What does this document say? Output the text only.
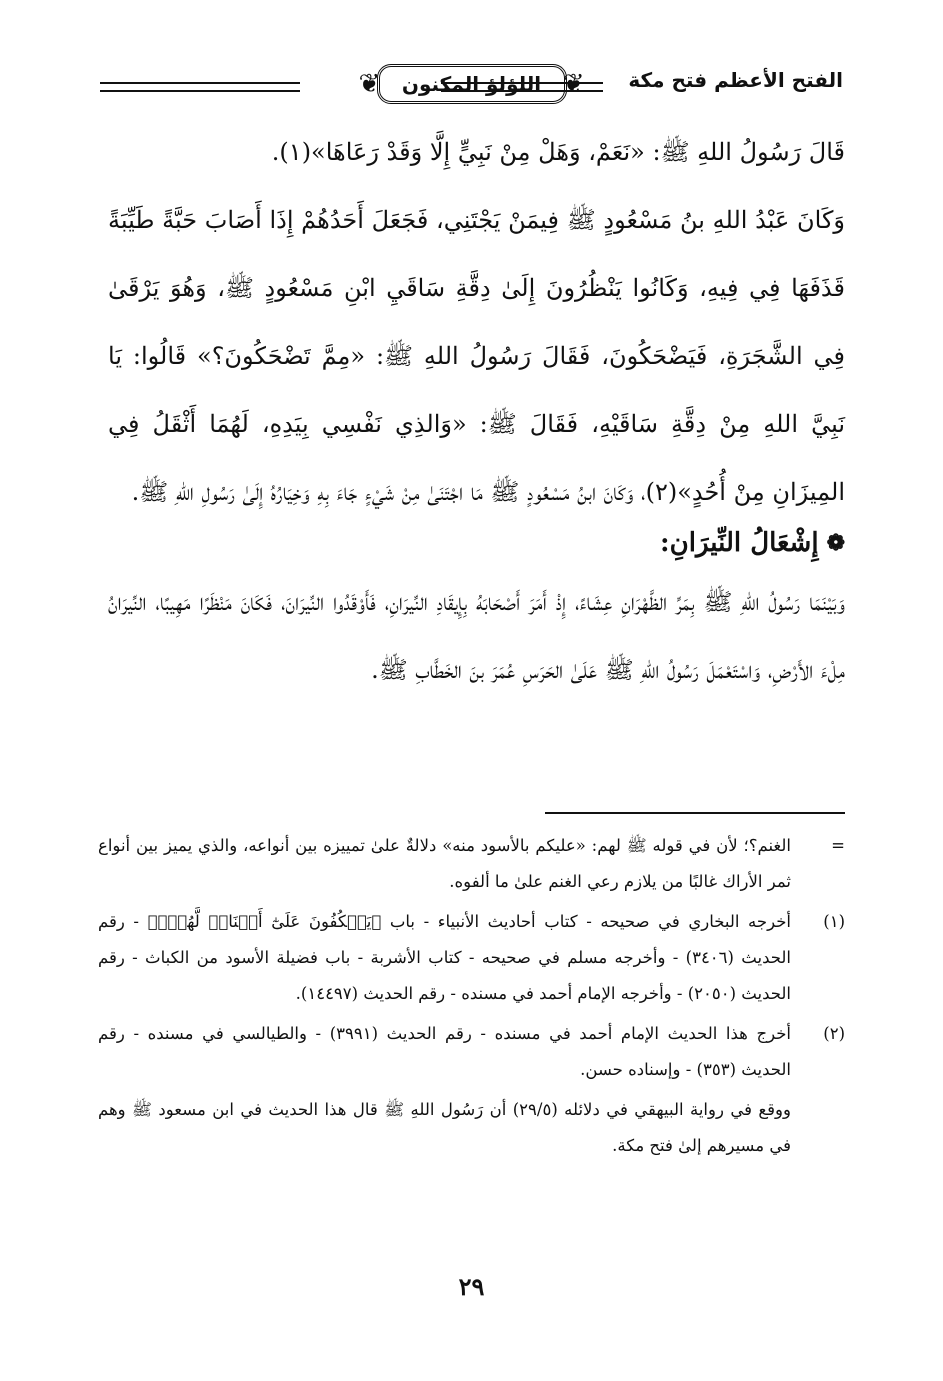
الفتح الأعظم فتح مكة
❦
اللؤلؤ المكنون
❦

قَالَ رَسُولُ اللهِ ﷺ: «نَعَمْ، وَهَلْ مِنْ نَبِيٍّ إِلَّا وَقَدْ رَعَاهَا»(١).

وَكَانَ عَبْدُ اللهِ بنُ مَسْعُودٍ ﷺ فِيمَنْ يَجْتَنِي، فَجَعَلَ أَحَدُهُمْ إِذَا أَصَابَ حَبَّةً طَيِّبَةً قَذَفَهَا فِي فِيهِ، وَكَانُوا يَنْظُرُونَ إِلَىٰ دِقَّةِ سَاقَيِ ابْنِ مَسْعُودٍ ﷺ، وَهُوَ يَرْقَىٰ فِي الشَّجَرَةِ، فَيَضْحَكُونَ، فَقَالَ رَسُولُ اللهِ ﷺ: «مِمَّ تَضْحَكُونَ؟» قَالُوا: يَا نَبِيَّ اللهِ مِنْ دِقَّةِ سَاقَيْهِ، فَقَالَ ﷺ: «وَالذِي نَفْسِي بِيَدِهِ، لَهُمَا أَثْقَلُ فِي المِيزَانِ مِنْ أُحُدٍ»(٢)، وَكَانَ ابنُ مَسْعُودٍ ﷺ مَا اجْتَنَىٰ مِنْ شَيْءٍ جَاءَ بِهِ وَخِيَارُهُ إِلَىٰ رَسُولِ اللهِ ﷺ.

❁
إِشْعَالُ النِّيرَانِ:

وَبَيْنَمَا رَسُولُ اللهِ ﷺ بِمَرِّ الظَّهْرَانِ عِشَاءً، إِذْ أَمَرَ أَصْحَابَهُ بِإِيقَادِ النِّيرَانِ، فَأَوْقَدُوا النِّيرَانَ، فَكَانَ مَنْظَرًا مَهِيبًا، النِّيرَانُ مِلْءَ الأَرْضِ، وَاسْتَعْمَلَ رَسُولُ اللهِ ﷺ عَلَىٰ الحَرَسِ عُمَرَ بنَ الخَطَّابِ ﷺ.

=
الغنم؟؛ لأن في قوله ﷺ لهم: «عليكم بالأسود منه» دلالةٌ علىٰ تمييزه بين أنواعه، والذي يميز بين أنواع ثمر الأراك غالبًا من يلازم رعي الغنم علىٰ ما ألفوه.
(١)
أخرجه البخاري في صحيحه - كتاب أحاديث الأنبياء - باب ﴿يَعۡكُفُونَ عَلَىٰٓ أَصۡنَامٖ لَّهُمۡۚ﴾ - رقم الحديث (٣٤٠٦) - وأخرجه مسلم في صحيحه - كتاب الأشربة - باب فضيلة الأسود من الكباث - رقم الحديث (٢٠٥٠) - وأخرجه الإمام أحمد في مسنده - رقم الحديث (١٤٤٩٧).
(٢)
أخرج هذا الحديث الإمام أحمد في مسنده - رقم الحديث (٣٩٩١) - والطيالسي في مسنده - رقم الحديث (٣٥٣) - وإسناده حسن.
ووقع في رواية البيهقي في دلائله (٢٩/٥) أن رَسُول اللهِ ﷺ قال هذا الحديث في ابن مسعود ﷺ وهم في مسيرهم إلىٰ فتح مكة.
٢٩
